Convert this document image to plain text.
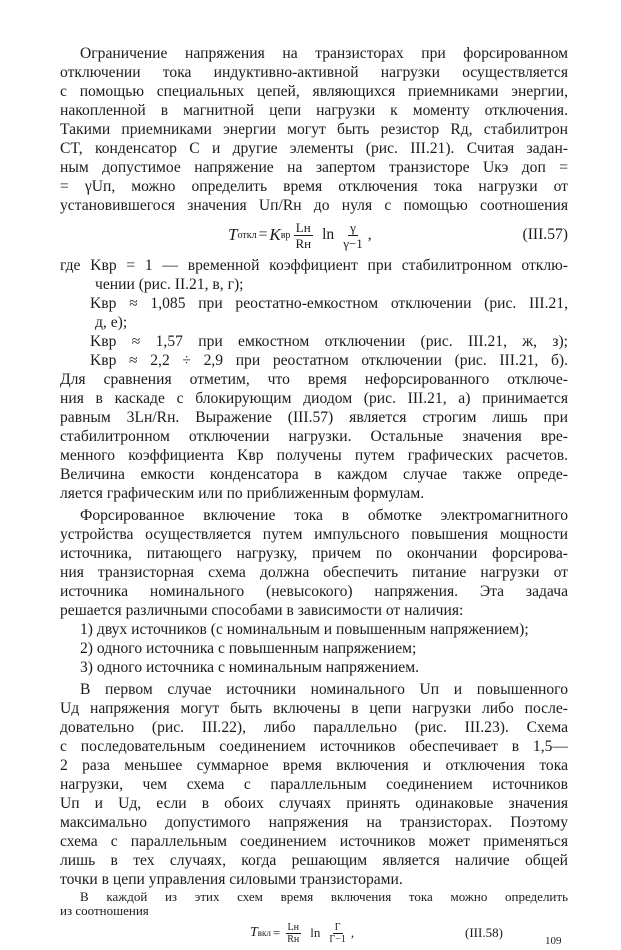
Ограничение напряжения на транзисторах при форсированном
отключении тока индуктивно-активной нагрузки осуществляется
с помощью специальных цепей, являющихся приемниками энергии,
накопленной в магнитной цепи нагрузки к моменту отключения.
Такими приемниками энергии могут быть резистор Rд, стабилитрон
CT, конденсатор C и другие элементы (рис. III.21). Считая задан-
ным допустимое напряжение на запертом транзисторе Uкэ доп =
= γUп, можно определить время отключения тока нагрузки от
установившегося значения Uп/Rн до нуля с помощью соотношения
T откл = K вр $\frac{Lн}{Rн}$ $\ln \frac{\gamma}{\gamma-1}$ ,	(III.57)
где Kвр = 1 — временной коэффициент при стабилитронном отклю-
чении (рис. II.21, в, г);
Kвр ≈ 1,085 при реостатно-емкостном отключении (рис. III.21,
д, е);
Kвр ≈ 1,57 при емкостном отключении (рис. III.21, ж, з);
Kвр ≈ 2,2 ÷ 2,9 при реостатном отключении (рис. III.21, б).
Для сравнения отметим, что время нефорсированного отключе-
ния в каскаде с блокирующим диодом (рис. III.21, а) принимается
равным 3Lн/Rн. Выражение (III.57) является строгим лишь при
стабилитронном отключении нагрузки. Остальные значения вре-
менного коэффициента Kвр получены путем графических расчетов.
Величина емкости конденсатора в каждом случае также опреде-
ляется графическим или по приближенным формулам.
Форсированное включение тока в обмотке электромагнитного
устройства осуществляется путем импульсного повышения мощности
источника, питающего нагрузку, причем по окончании форсирова-
ния транзисторная схема должна обеспечить питание нагрузки от
источника номинального (невысокого) напряжения. Эта задача
решается различными способами в зависимости от наличия:
1) двух источников (с номинальным и повышенным напряжением);
2) одного источника с повышенным напряжением;
3) одного источника с номинальным напряжением.
В первом случае источники номинального Uп и повышенного
Uд напряжения могут быть включены в цепи нагрузки либо после-
довательно (рис. III.22), либо параллельно (рис. III.23). Схема
с последовательным соединением источников обеспечивает в 1,5—
2 раза меньшее суммарное время включения и отключения тока
нагрузки, чем схема с параллельным соединением источников
Uп и Uд, если в обоих случаях принять одинаковые значения
максимально допустимого напряжения на транзисторах. Поэтому
схема с параллельным соединением источников может применяться
лишь в тех случаях, когда решающим является наличие общей
точки в цепи управления силовыми транзисторами.
109
В каждой из этих схем время включения тока можно определить
из соотношения
T вкл = $\frac{Lн}{Rн}$ $\ln \frac{Г}{Г-1}$ ,	(III.58)
